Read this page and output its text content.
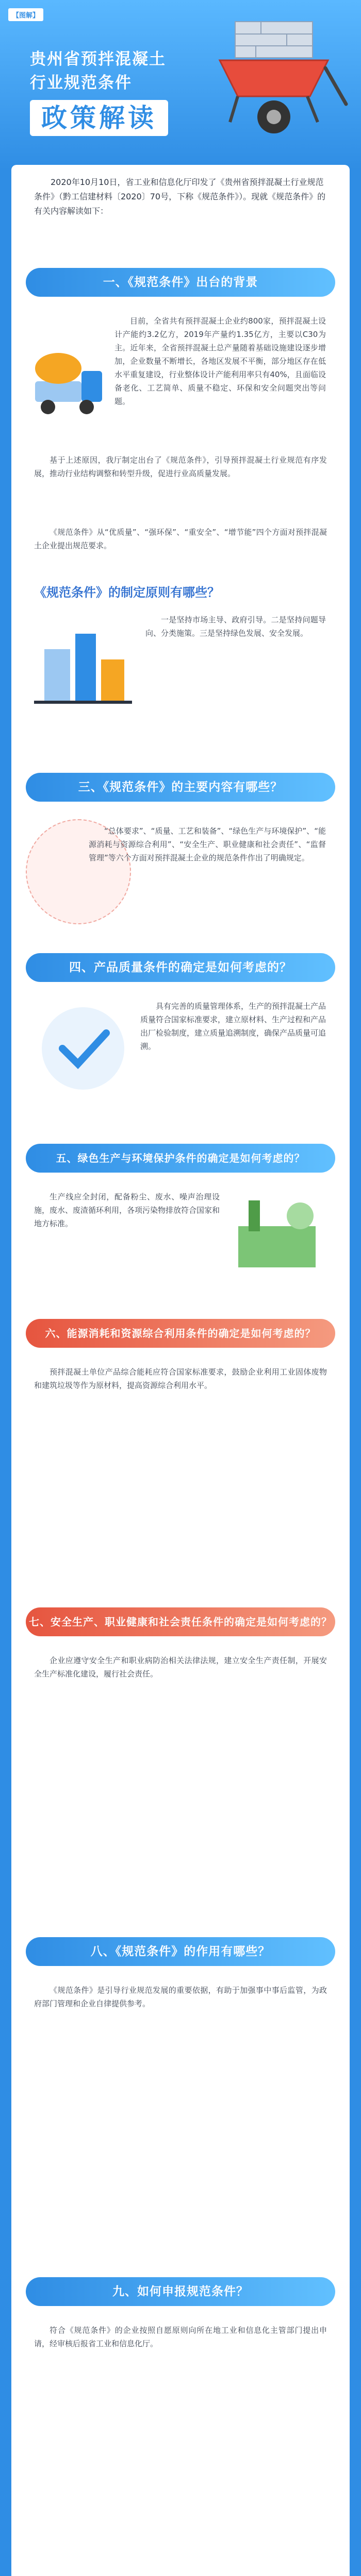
【图解】
贵州省预拌混凝土
行业规范条件
政策解读
2020年10月10日，省工业和信息化厅印发了《贵州省预拌混凝土行业规范条件》（黔工信建材料〔2020〕70号，下称《规范条件》）。现就《规范条件》的有关内容解读如下：
一、《规范条件》出台的背景

目前，全省共有预拌混凝土企业约800家，预拌混凝土设计产能约3.2亿方，2019年产量约1.35亿方，主要以C30为主。近年来，全省预拌混凝土总产量随着基础设施建设逐步增加，企业数量不断增长，各地区发展不平衡，部分地区存在低水平重复建设，行业整体设计产能利用率只有40%，且面临设备老化、工艺简单、质量不稳定、环保和安全问题突出等问题。

基于上述原因，我厅制定出台了《规范条件》，引导预拌混凝土行业规范有序发展，推动行业结构调整和转型升级，促进行业高质量发展。

《规范条件》从“优质量”、“强环保”、“重安全”、“增节能”四个方面对预拌混凝土企业提出规范要求。

《规范条件》的制定原则有哪些？

一是坚持市场主导、政府引导。二是坚持问题导向、分类施策。三是坚持绿色发展、安全发展。

三、《规范条件》的主要内容有哪些？

“总体要求”、“质量、工艺和装备”、“绿色生产与环境保护”、“能源消耗与资源综合利用”、“安全生产、职业健康和社会责任”、“监督管理”等六个方面对预拌混凝土企业的规范条件作出了明确规定。

四、产品质量条件的确定是如何考虑的？

具有完善的质量管理体系，生产的预拌混凝土产品质量符合国家标准要求，建立原材料、生产过程和产品出厂检验制度，建立质量追溯制度，确保产品质量可追溯。

五、绿色生产与环境保护条件的确定是如何考虑的？

生产线应全封闭，配备粉尘、废水、噪声治理设施，废水、废渣循环利用，各项污染物排放符合国家和地方标准。

六、能源消耗和资源综合利用条件的确定是如何考虑的？

预拌混凝土单位产品综合能耗应符合国家标准要求，鼓励企业利用工业固体废物和建筑垃圾等作为原材料，提高资源综合利用水平。

七、安全生产、职业健康和社会责任条件的确定是如何考虑的？

企业应遵守安全生产和职业病防治相关法律法规，建立安全生产责任制，开展安全生产标准化建设，履行社会责任。

八、《规范条件》的作用有哪些？

《规范条件》是引导行业规范发展的重要依据，有助于加强事中事后监管，为政府部门管理和企业自律提供参考。

九、如何申报规范条件？

符合《规范条件》的企业按照自愿原则向所在地工业和信息化主管部门提出申请，经审核后报省工业和信息化厅。
